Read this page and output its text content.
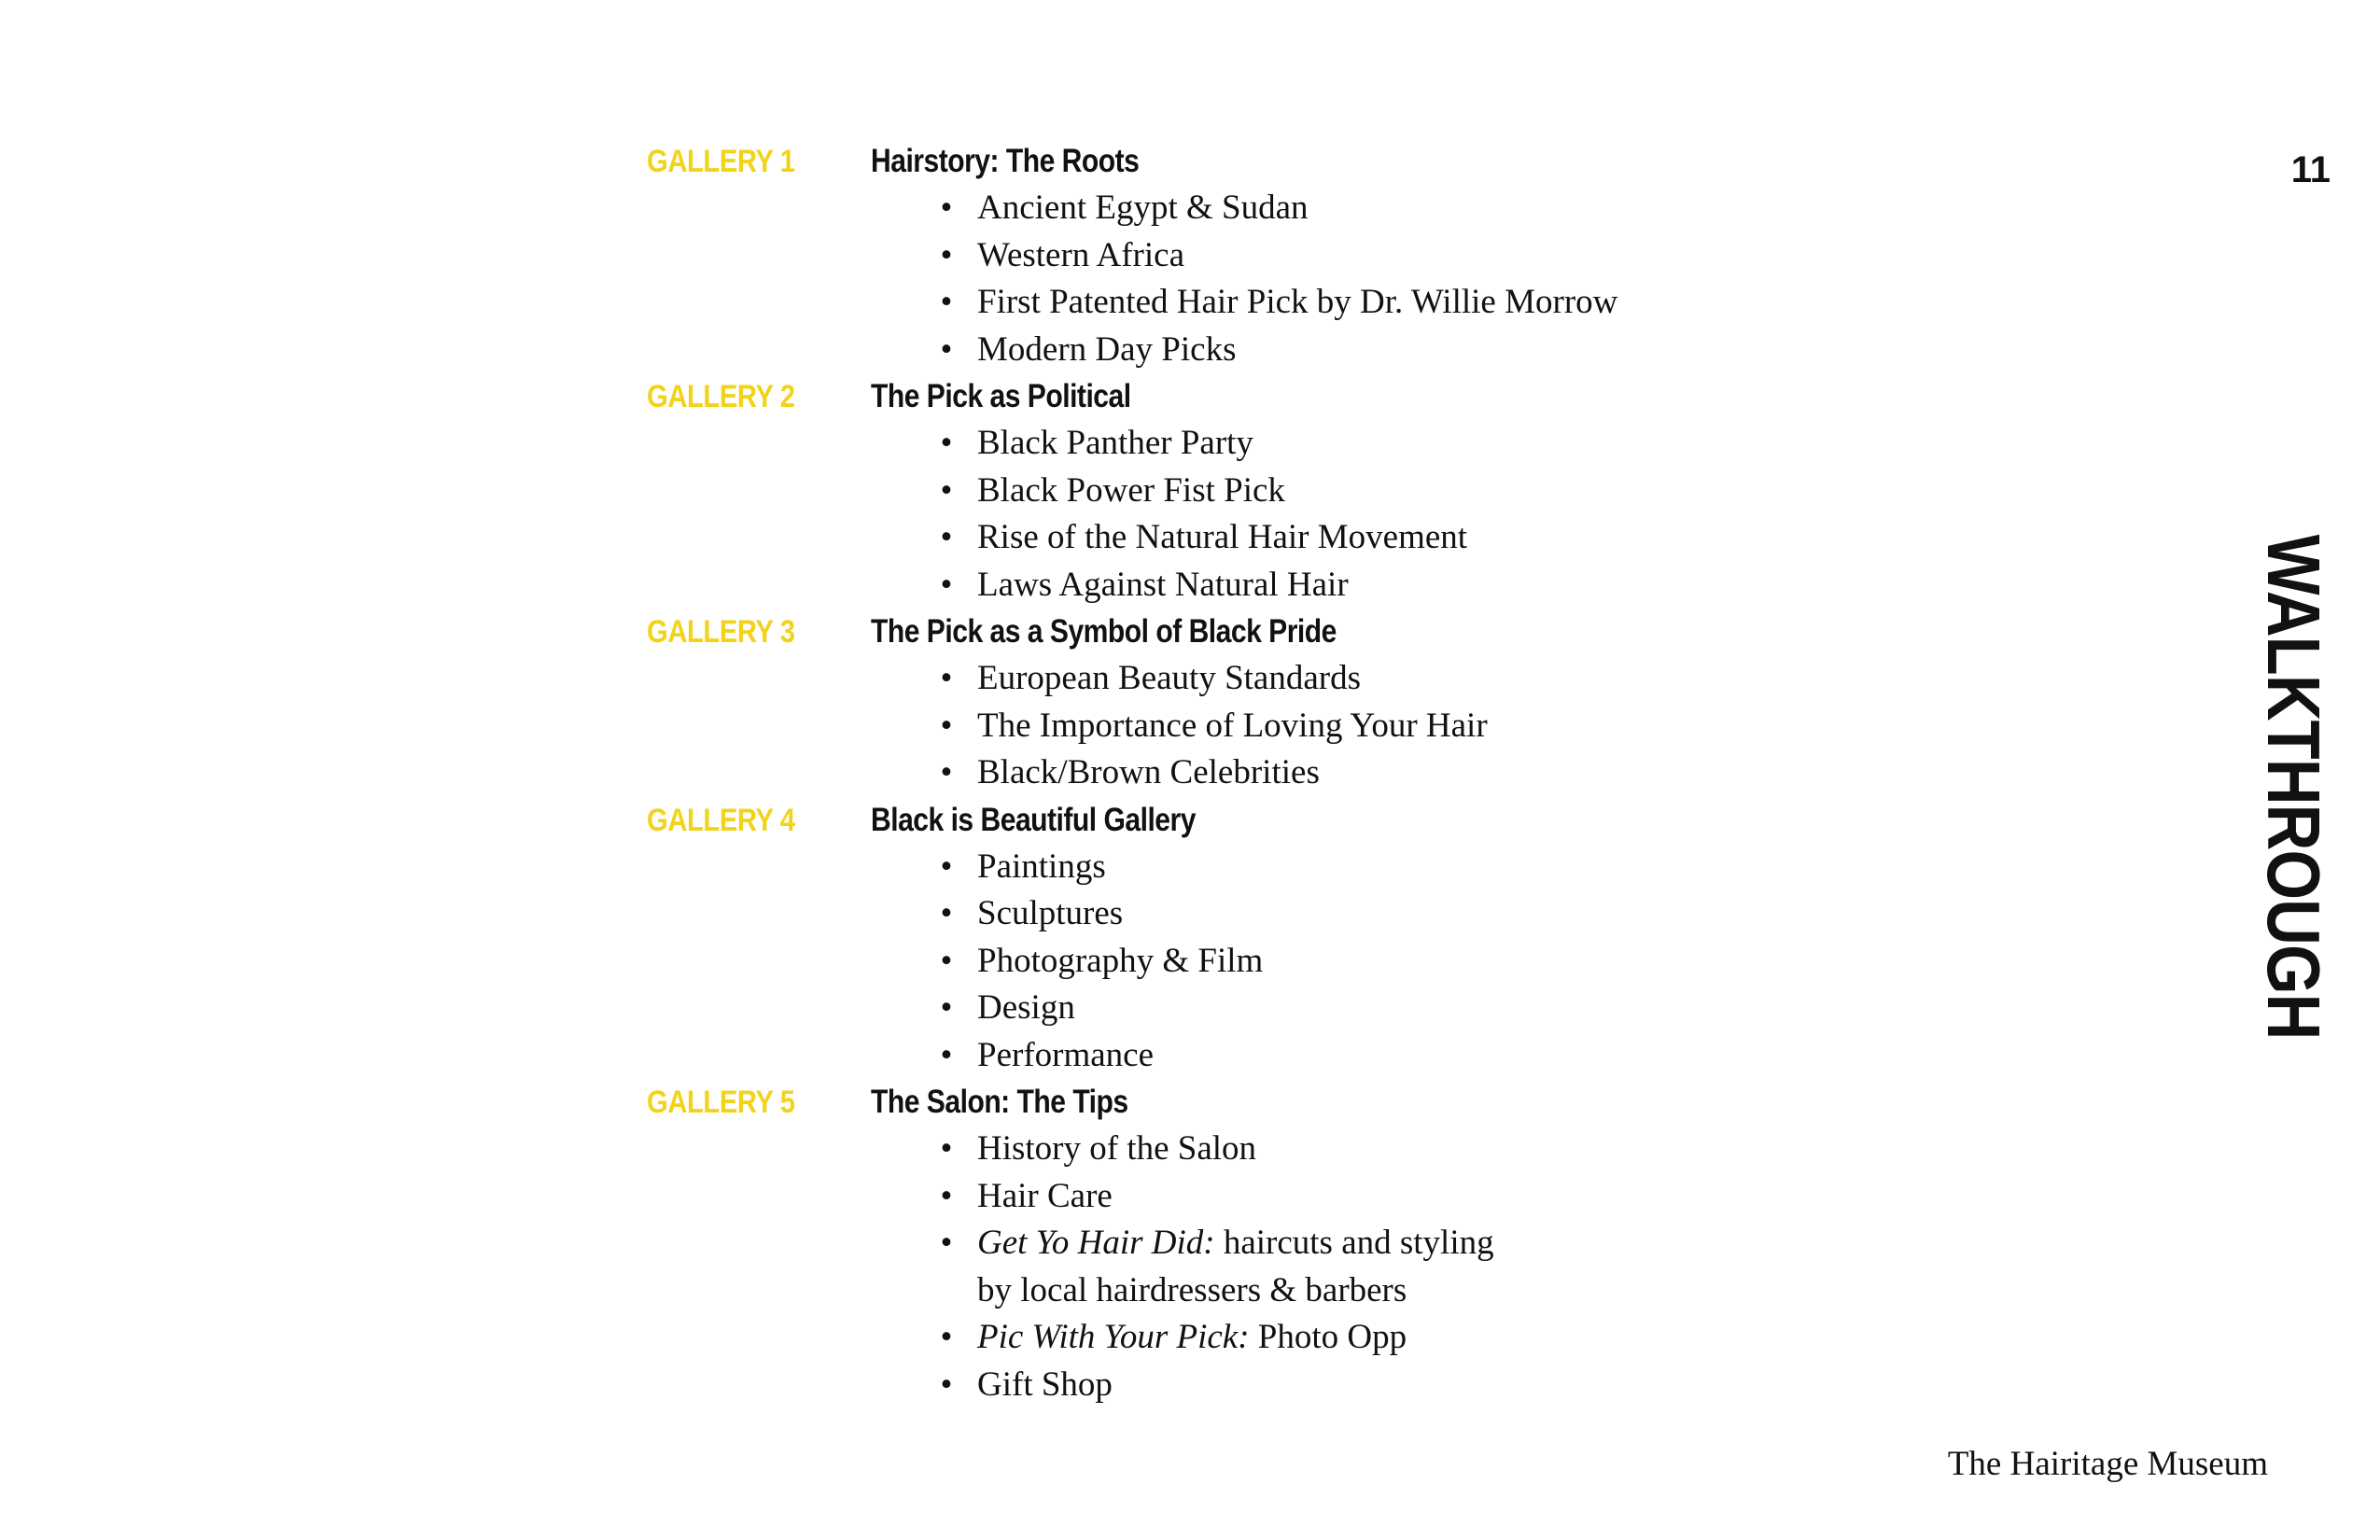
11
WALKTHROUGH
GALLERY 1 Hairstory: The Roots
• Ancient Egypt & Sudan
• Western Africa
• First Patented Hair Pick by Dr. Willie Morrow
• Modern Day Picks
GALLERY 2 The Pick as Political
• Black Panther Party
• Black Power Fist Pick
• Rise of the Natural Hair Movement
• Laws Against Natural Hair
GALLERY 3 The Pick as a Symbol of Black Pride
• European Beauty Standards
• The Importance of Loving Your Hair
• Black/Brown Celebrities
GALLERY 4 Black is Beautiful Gallery
• Paintings
• Sculptures
• Photography & Film
• Design
• Performance
GALLERY 5 The Salon: The Tips
• History of the Salon
• Hair Care
• Get Yo Hair Did: haircuts and styling
by local hairdressers & barbers
• Pic With Your Pick: Photo Opp
• Gift Shop
The Hairitage Museum
